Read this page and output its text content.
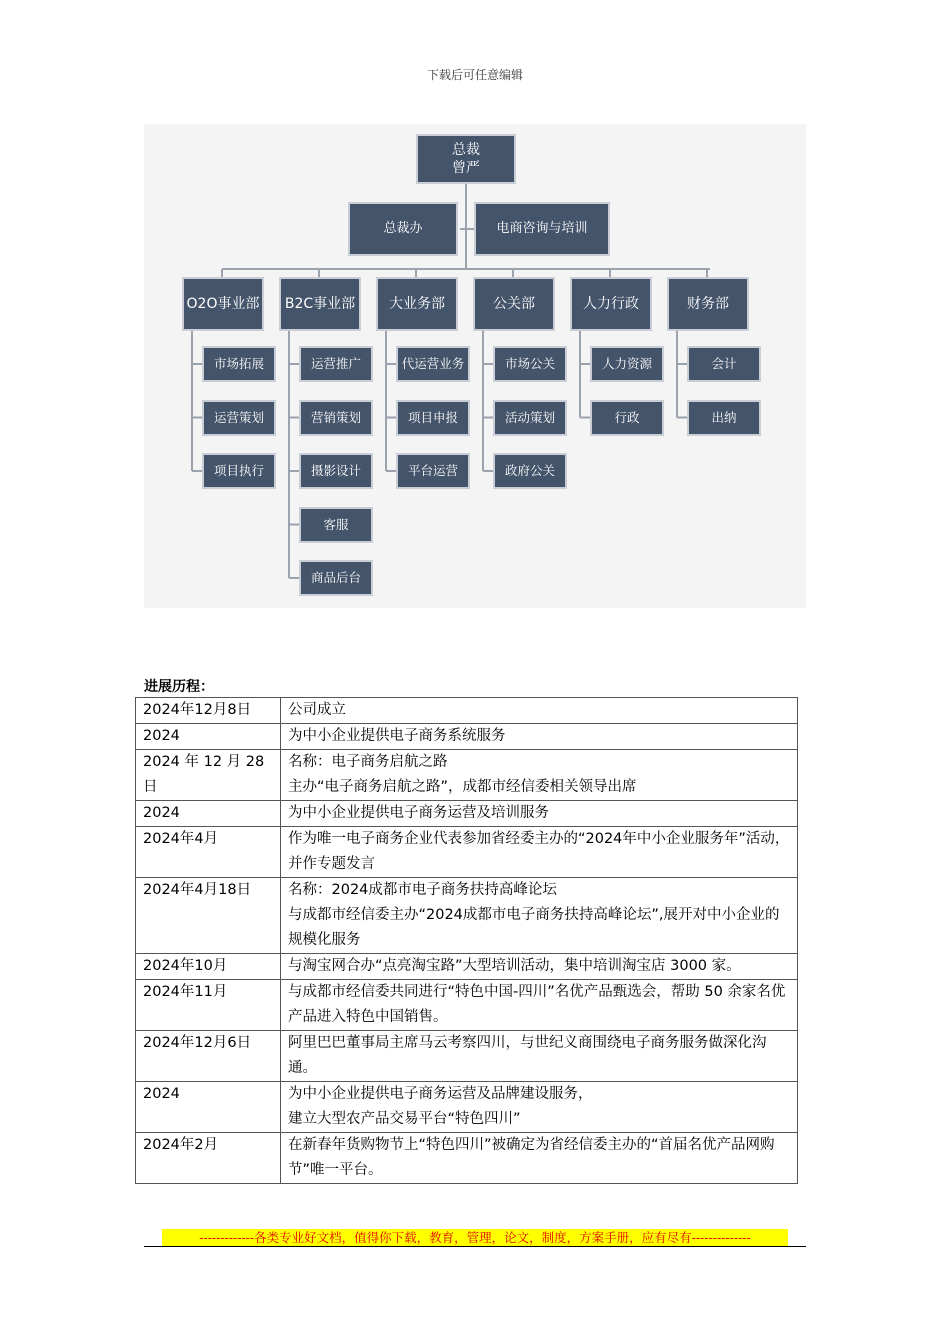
下载后可任意编辑
总裁
曾严
总裁办	电商咨询与培训
O2O事业部
市场拓展
运营策划
项目执行
B2C事业部
运营推广
营销策划
摄影设计
客服
商品后台
大业务部
代运营业务
项目申报
平台运营
公关部
市场公关
活动策划
政府公关
人力行政
人力资源
行政
财务部
会计
出纳
进展历程：
2024年12月8日	公司成立

2024	为中小企业提供电子商务系统服务

2024 年 12 月 28 日	名称：电子商务启航之路
主办“电子商务启航之路”，成都市经信委相关领导出席

2024	为中小企业提供电子商务运营及培训服务

2024年4月	作为唯一电子商务企业代表参加省经委主办的“2024年中小企业服务年”活动，并作专题发言

2024年4月18日	名称：2024成都市电子商务扶持高峰论坛
与成都市经信委主办“2024成都市电子商务扶持高峰论坛”,展开对中小企业的规模化服务

2024年10月	与淘宝网合办“点亮淘宝路”大型培训活动，集中培训淘宝店 3000 家。

2024年11月	与成都市经信委共同进行“特色中国-四川”名优产品甄选会，帮助 50 余家名优产品进入特色中国销售。

2024年12月6日	阿里巴巴董事局主席马云考察四川，与世纪义商围绕电子商务服务做深化沟通。

2024	为中小企业提供电子商务运营及品牌建设服务，
建立大型农产品交易平台“特色四川”

2024年2月	在新春年货购物节上“特色四川”被确定为省经信委主办的“首届名优产品网购节”唯一平台。
-------------各类专业好文档，值得你下载，教育，管理，论文，制度，方案手册，应有尽有--------------
